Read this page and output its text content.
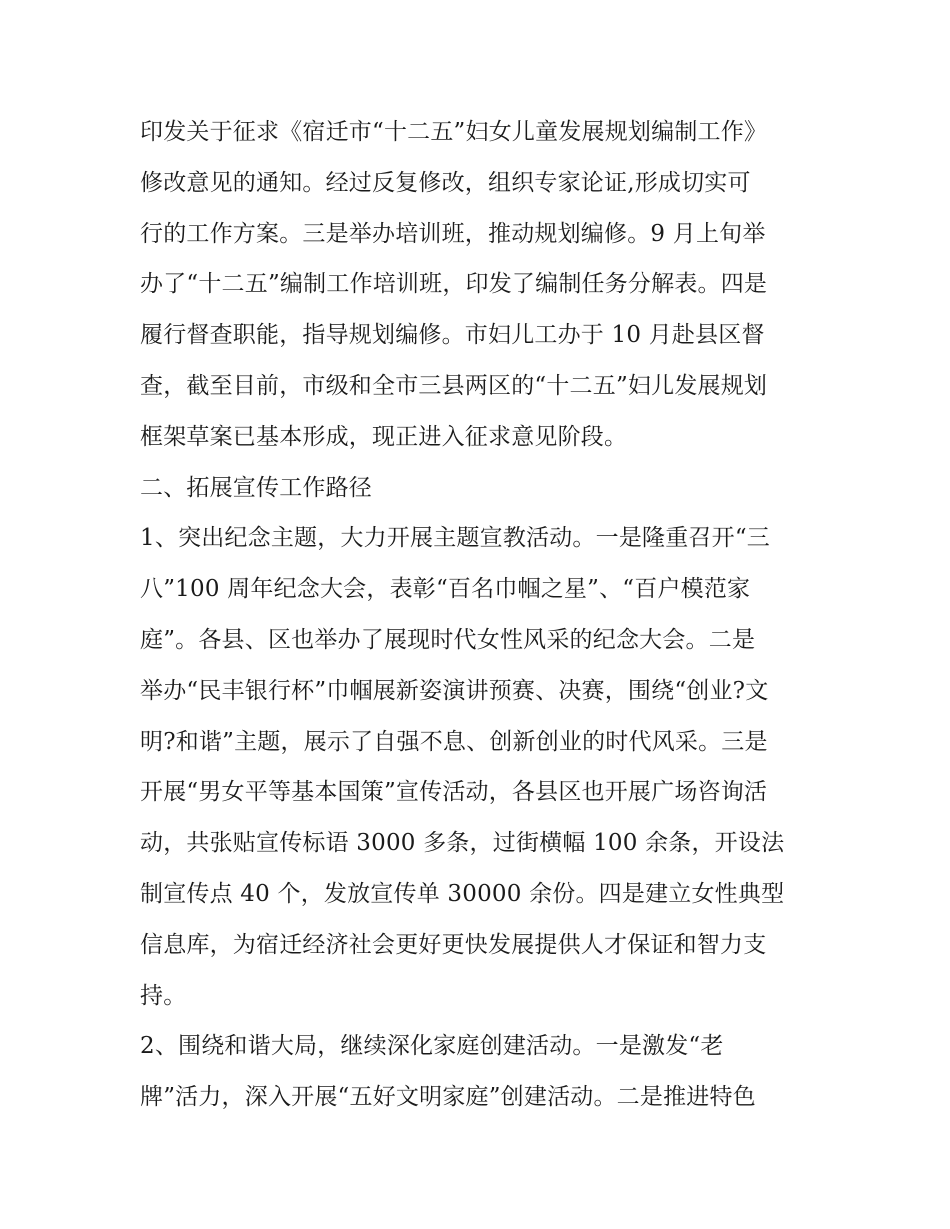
印发关于征求《宿迁市“十二五”妇女儿童发展规划编制工作》
修改意见的通知。经过反复修改，组织专家论证,形成切实可
行的工作方案。三是举办培训班，推动规划编修。9 月上旬举
办了“十二五”编制工作培训班，印发了编制任务分解表。四是
履行督查职能，指导规划编修。市妇儿工办于 10 月赴县区督
查，截至目前，市级和全市三县两区的“十二五”妇儿发展规划
框架草案已基本形成，现正进入征求意见阶段。
二、拓展宣传工作路径
1、突出纪念主题，大力开展主题宣教活动。一是隆重召开“三
八”100 周年纪念大会，表彰“百名巾帼之星”、“百户模范家
庭”。各县、区也举办了展现时代女性风采的纪念大会。二是
举办“民丰银行杯”巾帼展新姿演讲预赛、决赛，围绕“创业?文
明?和谐”主题，展示了自强不息、创新创业的时代风采。三是
开展“男女平等基本国策”宣传活动，各县区也开展广场咨询活
动，共张贴宣传标语 3000 多条，过街横幅 100 余条，开设法
制宣传点 40 个，发放宣传单 30000 余份。四是建立女性典型
信息库，为宿迁经济社会更好更快发展提供人才保证和智力支
持。
2、围绕和谐大局，继续深化家庭创建活动。一是激发“老
牌”活力，深入开展“五好文明家庭”创建活动。二是推进特色
